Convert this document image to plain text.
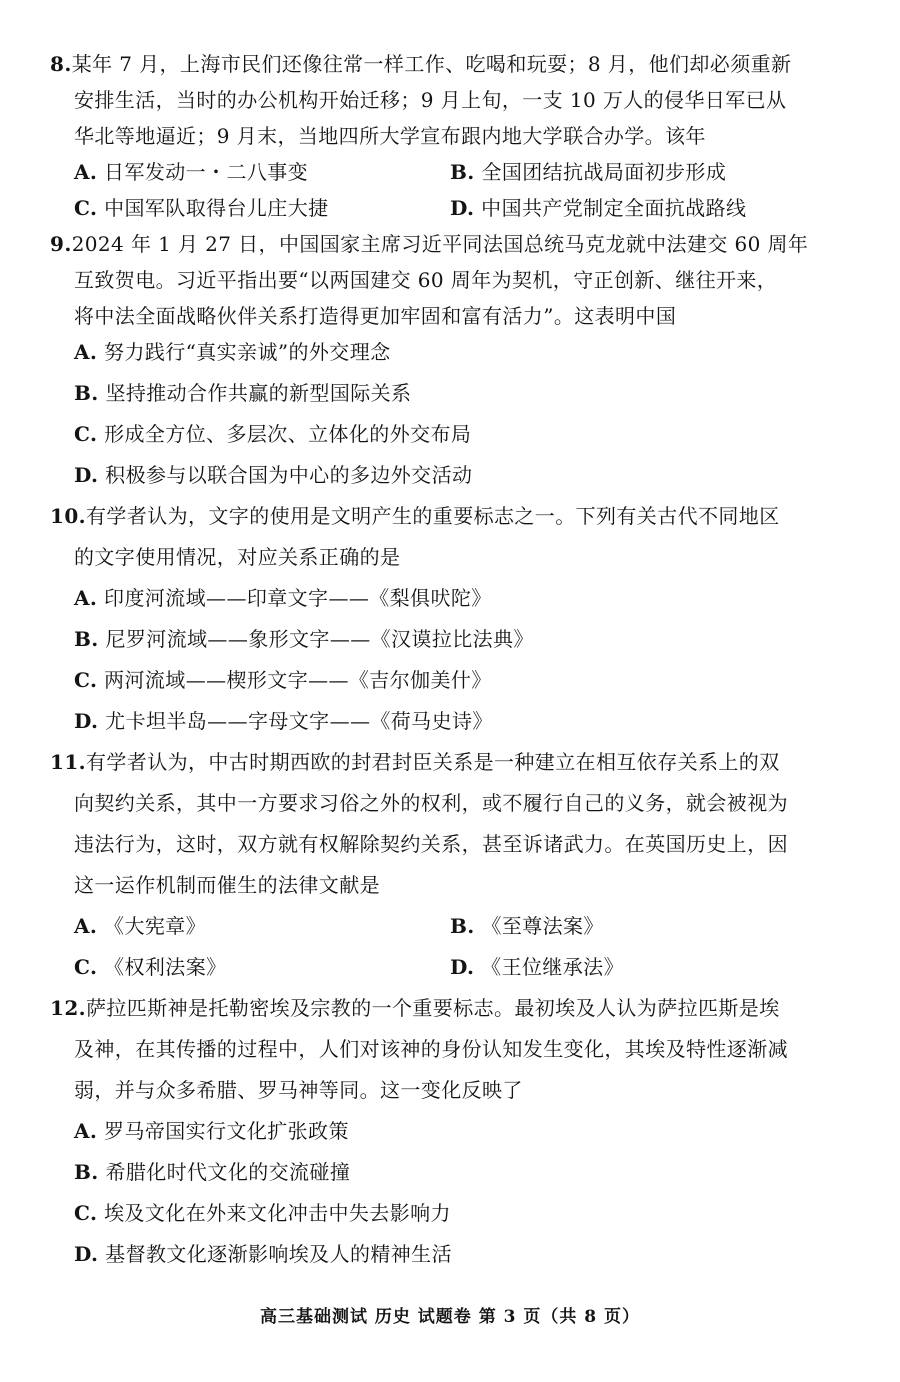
8.某年 7 月，上海市民们还像往常一样工作、吃喝和玩耍；8 月，他们却必须重新
安排生活，当时的办公机构开始迁移；9 月上旬，一支 10 万人的侵华日军已从
华北等地逼近；9 月末，当地四所大学宣布跟内地大学联合办学。该年
A. 日军发动一・二八事变	B. 全国团结抗战局面初步形成
C. 中国军队取得台儿庄大捷	D. 中国共产党制定全面抗战路线
9.2024 年 1 月 27 日，中国国家主席习近平同法国总统马克龙就中法建交 60 周年
互致贺电。习近平指出要“以两国建交 60 周年为契机，守正创新、继往开来，
将中法全面战略伙伴关系打造得更加牢固和富有活力”。这表明中国
A. 努力践行“真实亲诚”的外交理念
B. 坚持推动合作共赢的新型国际关系
C. 形成全方位、多层次、立体化的外交布局
D. 积极参与以联合国为中心的多边外交活动
10.有学者认为，文字的使用是文明产生的重要标志之一。下列有关古代不同地区
的文字使用情况，对应关系正确的是
A. 印度河流域——印章文字——《梨俱吠陀》
B. 尼罗河流域——象形文字——《汉谟拉比法典》
C. 两河流域——楔形文字——《吉尔伽美什》
D. 尤卡坦半岛——字母文字——《荷马史诗》
11.有学者认为，中古时期西欧的封君封臣关系是一种建立在相互依存关系上的双
向契约关系，其中一方要求习俗之外的权利，或不履行自己的义务，就会被视为
违法行为，这时，双方就有权解除契约关系，甚至诉诸武力。在英国历史上，因
这一运作机制而催生的法律文献是
A. 《大宪章》	B. 《至尊法案》
C. 《权利法案》	D. 《王位继承法》
12.萨拉匹斯神是托勒密埃及宗教的一个重要标志。最初埃及人认为萨拉匹斯是埃
及神，在其传播的过程中，人们对该神的身份认知发生变化，其埃及特性逐渐减
弱，并与众多希腊、罗马神等同。这一变化反映了
A. 罗马帝国实行文化扩张政策
B. 希腊化时代文化的交流碰撞
C. 埃及文化在外来文化冲击中失去影响力
D. 基督教文化逐渐影响埃及人的精神生活
高三基础测试 历史 试题卷 第 3 页（共 8 页）
